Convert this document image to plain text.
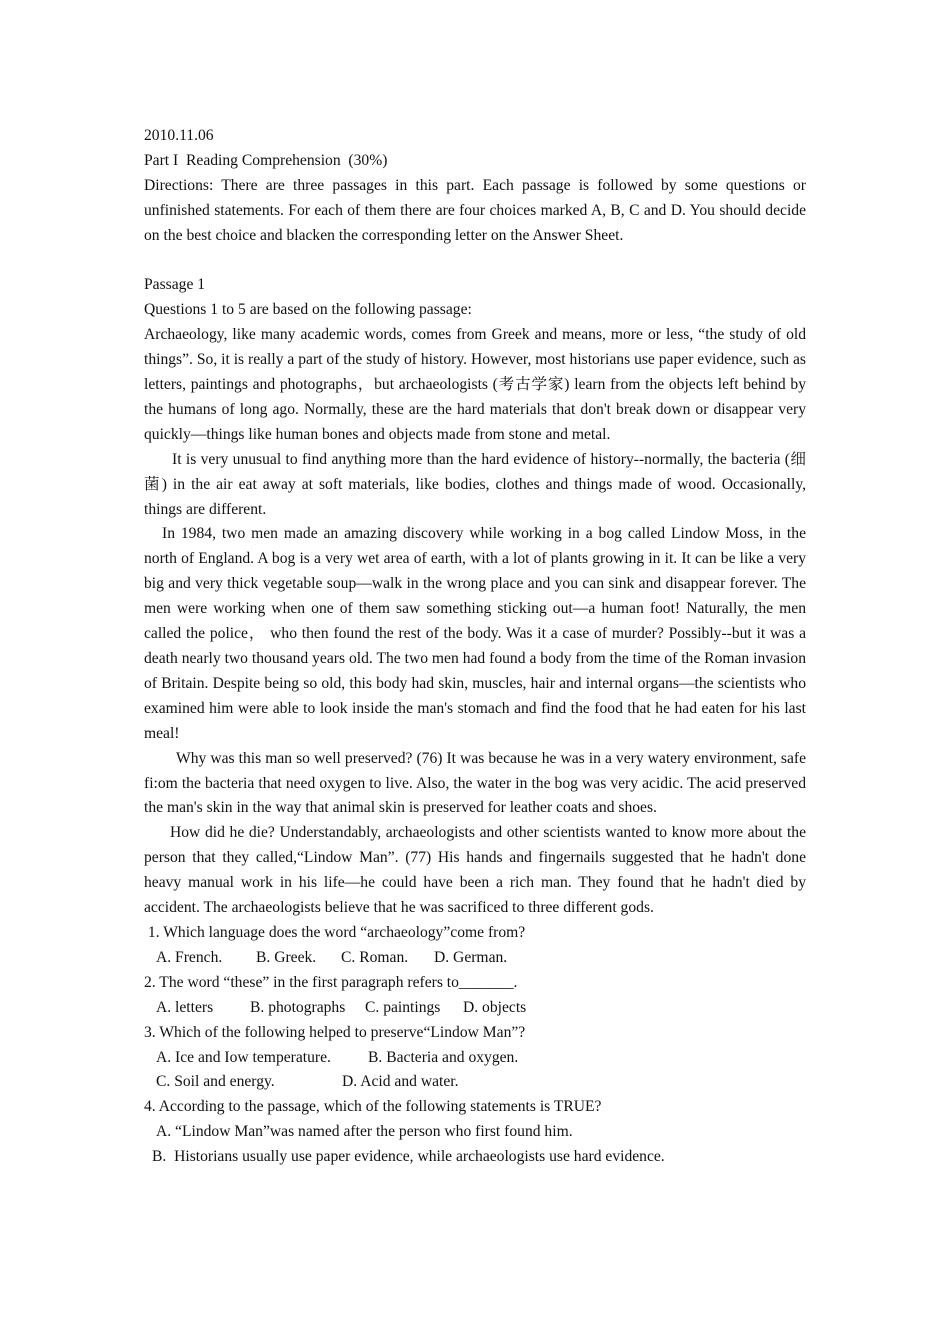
2010.11.06
Part I  Reading Comprehension  (30%)

Directions: There are three passages in this part. Each passage is followed by some questions or unfinished statements. For each of them there are four choices marked A, B, C and D. You should decide on the best choice and blacken the corresponding letter on the Answer Sheet.

Passage 1
Questions 1 to 5 are based on the following passage:

Archaeology, like many academic words, comes from Greek and means, more or less, “the study of old things”. So, it is really a part of the study of history. However, most historians use paper evidence, such as letters, paintings and photographs，but archaeologists (考古学家) learn from the objects left behind by the humans of long ago. Normally, these are the hard materials that don't break down or disappear very quickly—things like human bones and objects made from stone and metal.

It is very unusual to find anything more than the hard evidence of history--normally, the bacteria (细菌) in the air eat away at soft materials, like bodies, clothes and things made of wood. Occasionally, things are different.

In 1984, two men made an amazing discovery while working in a bog called Lindow Moss, in the north of England. A bog is a very wet area of earth, with a lot of plants growing in it. It can be like a very big and very thick vegetable soup—walk in the wrong place and you can sink and disappear forever. The men were working when one of them saw something sticking out—a human foot! Naturally, the men called the police， who then found the rest of the body. Was it a case of murder? Possibly--but it was a death nearly two thousand years old. The two men had found a body from the time of the Roman invasion of Britain. Despite being so old, this body had skin, muscles, hair and internal organs—the scientists who examined him were able to look inside the man's stomach and find the food that he had eaten for his last meal!

Why was this man so well preserved? (76) It was because he was in a very watery environment, safe fi:om the bacteria that need oxygen to live. Also, the water in the bog was very acidic. The acid preserved the man's skin in the way that animal skin is preserved for leather coats and shoes.

How did he die? Understandably, archaeologists and other scientists wanted to know more about the person that they called,“Lindow Man”. (77) His hands and fingernails suggested that he hadn't done heavy manual work in his life—he could have been a rich man. They found that he hadn't died by accident. The archaeologists believe that he was sacrificed to three different gods.

1. Which language does the word “archaeology”come from?
A. French.	B. Greek.	C. Roman.	D. German.
2. The word “these” in the first paragraph refers to_______.
A. letters	B. photographs	C. paintings	D. objects
3. Which of the following helped to preserve“Lindow Man”?
A. Ice and Iow temperature.	B. Bacteria and oxygen.
C. Soil and energy.	D. Acid and water.
4. According to the passage, which of the following statements is TRUE?
A. “Lindow Man”was named after the person who first found him.
B.  Historians usually use paper evidence, while archaeologists use hard evidence.
